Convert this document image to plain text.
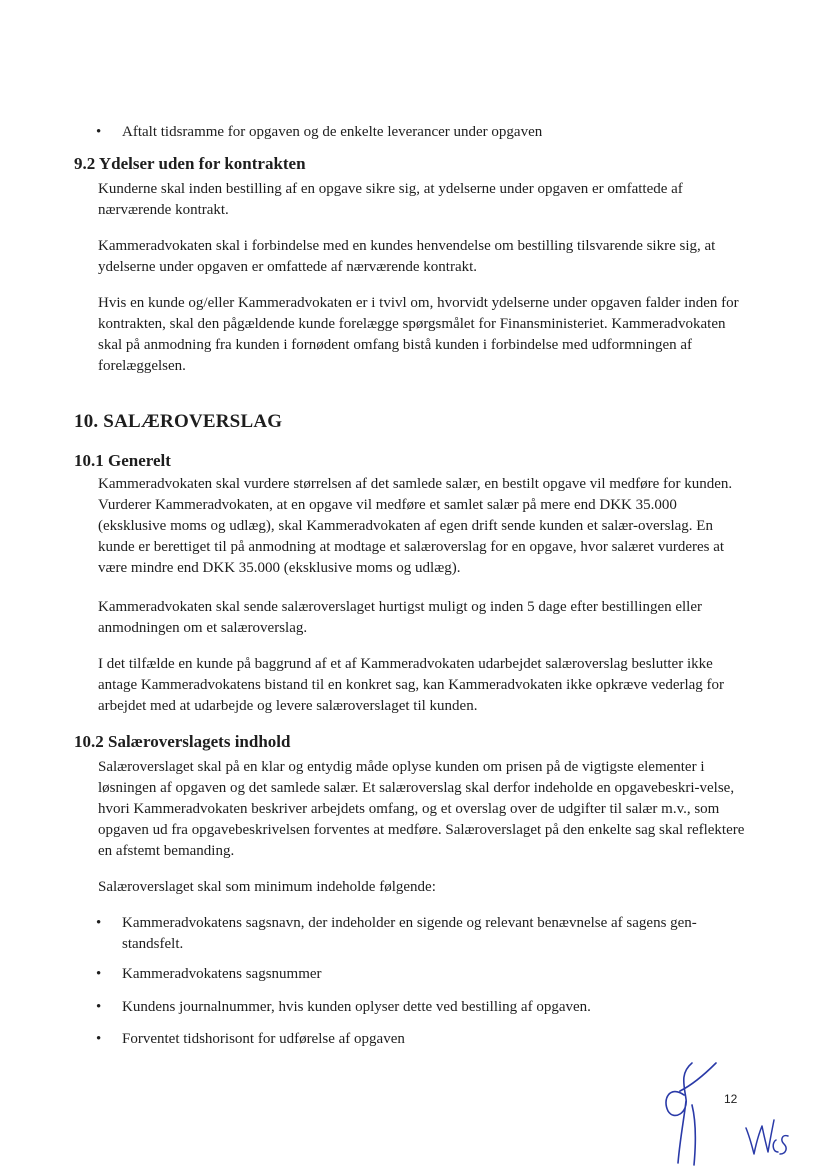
•	Aftalt tidsramme for opgaven og de enkelte leverancer under opgaven
9.2 Ydelser uden for kontrakten

Kunderne skal inden bestilling af en opgave sikre sig, at ydelserne under opgaven er omfattede af nærværende kontrakt.

Kammeradvokaten skal i forbindelse med en kundes henvendelse om bestilling tilsvarende sikre sig, at ydelserne under opgaven er omfattede af nærværende kontrakt.

Hvis en kunde og/eller Kammeradvokaten er i tvivl om, hvorvidt ydelserne under opgaven falder inden for kontrakten, skal den pågældende kunde forelægge spørgsmålet for Finansministeriet. Kammeradvokaten skal på anmodning fra kunden i fornødent omfang bistå kunden i forbindelse med udformningen af forelæggelsen.

10. SALÆROVERSLAG
10.1 Generelt

Kammeradvokaten skal vurdere størrelsen af det samlede salær, en bestilt opgave vil medføre for kunden. Vurderer Kammeradvokaten, at en opgave vil medføre et samlet salær på mere end DKK 35.000 (eksklusive moms og udlæg), skal Kammeradvokaten af egen drift sende kunden et salær-overslag. En kunde er berettiget til på anmodning at modtage et salæroverslag for en opgave, hvor salæret vurderes at være mindre end DKK 35.000 (eksklusive moms og udlæg).

Kammeradvokaten skal sende salæroverslaget hurtigst muligt og inden 5 dage efter bestillingen eller anmodningen om et salæroverslag.

I det tilfælde en kunde på baggrund af et af Kammeradvokaten udarbejdet salæroverslag beslutter ikke antage Kammeradvokatens bistand til en konkret sag, kan Kammeradvokaten ikke opkræve vederlag for arbejdet med at udarbejde og levere salæroverslaget til kunden.

10.2 Salæroverslagets indhold

Salæroverslaget skal på en klar og entydig måde oplyse kunden om prisen på de vigtigste elementer i løsningen af opgaven og det samlede salær. Et salæroverslag skal derfor indeholde en opgavebeskri-velse, hvori Kammeradvokaten beskriver arbejdets omfang, og et overslag over de udgifter til salær m.v., som opgaven ud fra opgavebeskrivelsen forventes at medføre. Salæroverslaget på den enkelte sag skal reflektere en afstemt bemanding.

Salæroverslaget skal som minimum indeholde følgende:

•	Kammeradvokatens sagsnavn, der indeholder en sigende og relevant benævnelse af sagens gen-standsfelt.
•	Kammeradvokatens sagsnummer
•	Kundens journalnummer, hvis kunden oplyser dette ved bestilling af opgaven.
•	Forventet tidshorisont for udførelse af opgaven
12
